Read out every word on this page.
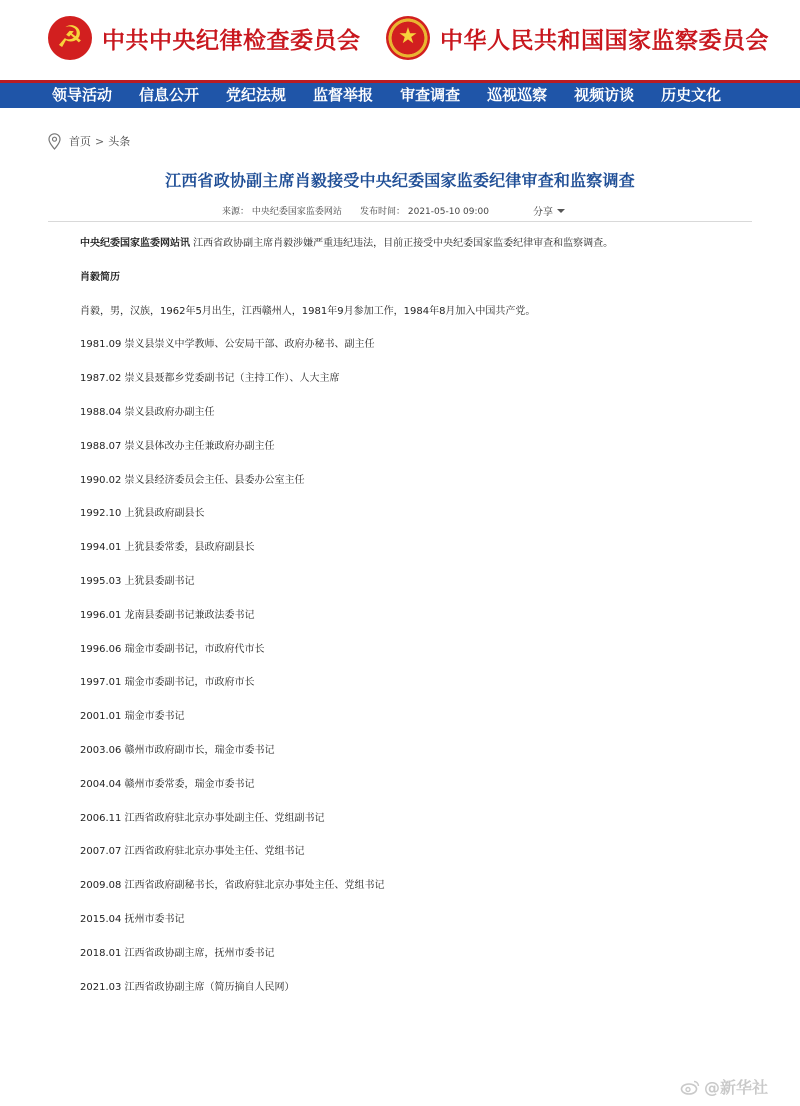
☭
中共中央纪律检查委员会
★	中华人民共和国国家监察委员会
领导活动 信息公开 党纪法规 监督举报 审查调查 巡视巡察 视频访谈 历史文化
首页 > 头条
江西省政协副主席肖毅接受中央纪委国家监委纪律审查和监察调查
来源： 中央纪委国家监委网站 发布时间： 2021-05-10 09:00	分享
中央纪委国家监委网站讯 江西省政协副主席肖毅涉嫌严重违纪违法，目前正接受中央纪委国家监委纪律审查和监察调查。
肖毅简历
肖毅，男，汉族，1962年5月出生，江西赣州人，1981年9月参加工作，1984年8月加入中国共产党。
1981.09 崇义县崇义中学教师、公安局干部、政府办秘书、副主任
1987.02 崇义县聂都乡党委副书记（主持工作）、人大主席
1988.04 崇义县政府办副主任
1988.07 崇义县体改办主任兼政府办副主任
1990.02 崇义县经济委员会主任、县委办公室主任
1992.10 上犹县政府副县长
1994.01 上犹县委常委，县政府副县长
1995.03 上犹县委副书记
1996.01 龙南县委副书记兼政法委书记
1996.06 瑞金市委副书记，市政府代市长
1997.01 瑞金市委副书记，市政府市长
2001.01 瑞金市委书记
2003.06 赣州市政府副市长，瑞金市委书记
2004.04 赣州市委常委，瑞金市委书记
2006.11 江西省政府驻北京办事处副主任、党组副书记
2007.07 江西省政府驻北京办事处主任、党组书记
2009.08 江西省政府副秘书长，省政府驻北京办事处主任、党组书记
2015.04 抚州市委书记
2018.01 江西省政协副主席，抚州市委书记
2021.03 江西省政协副主席（简历摘自人民网）
@新华社
